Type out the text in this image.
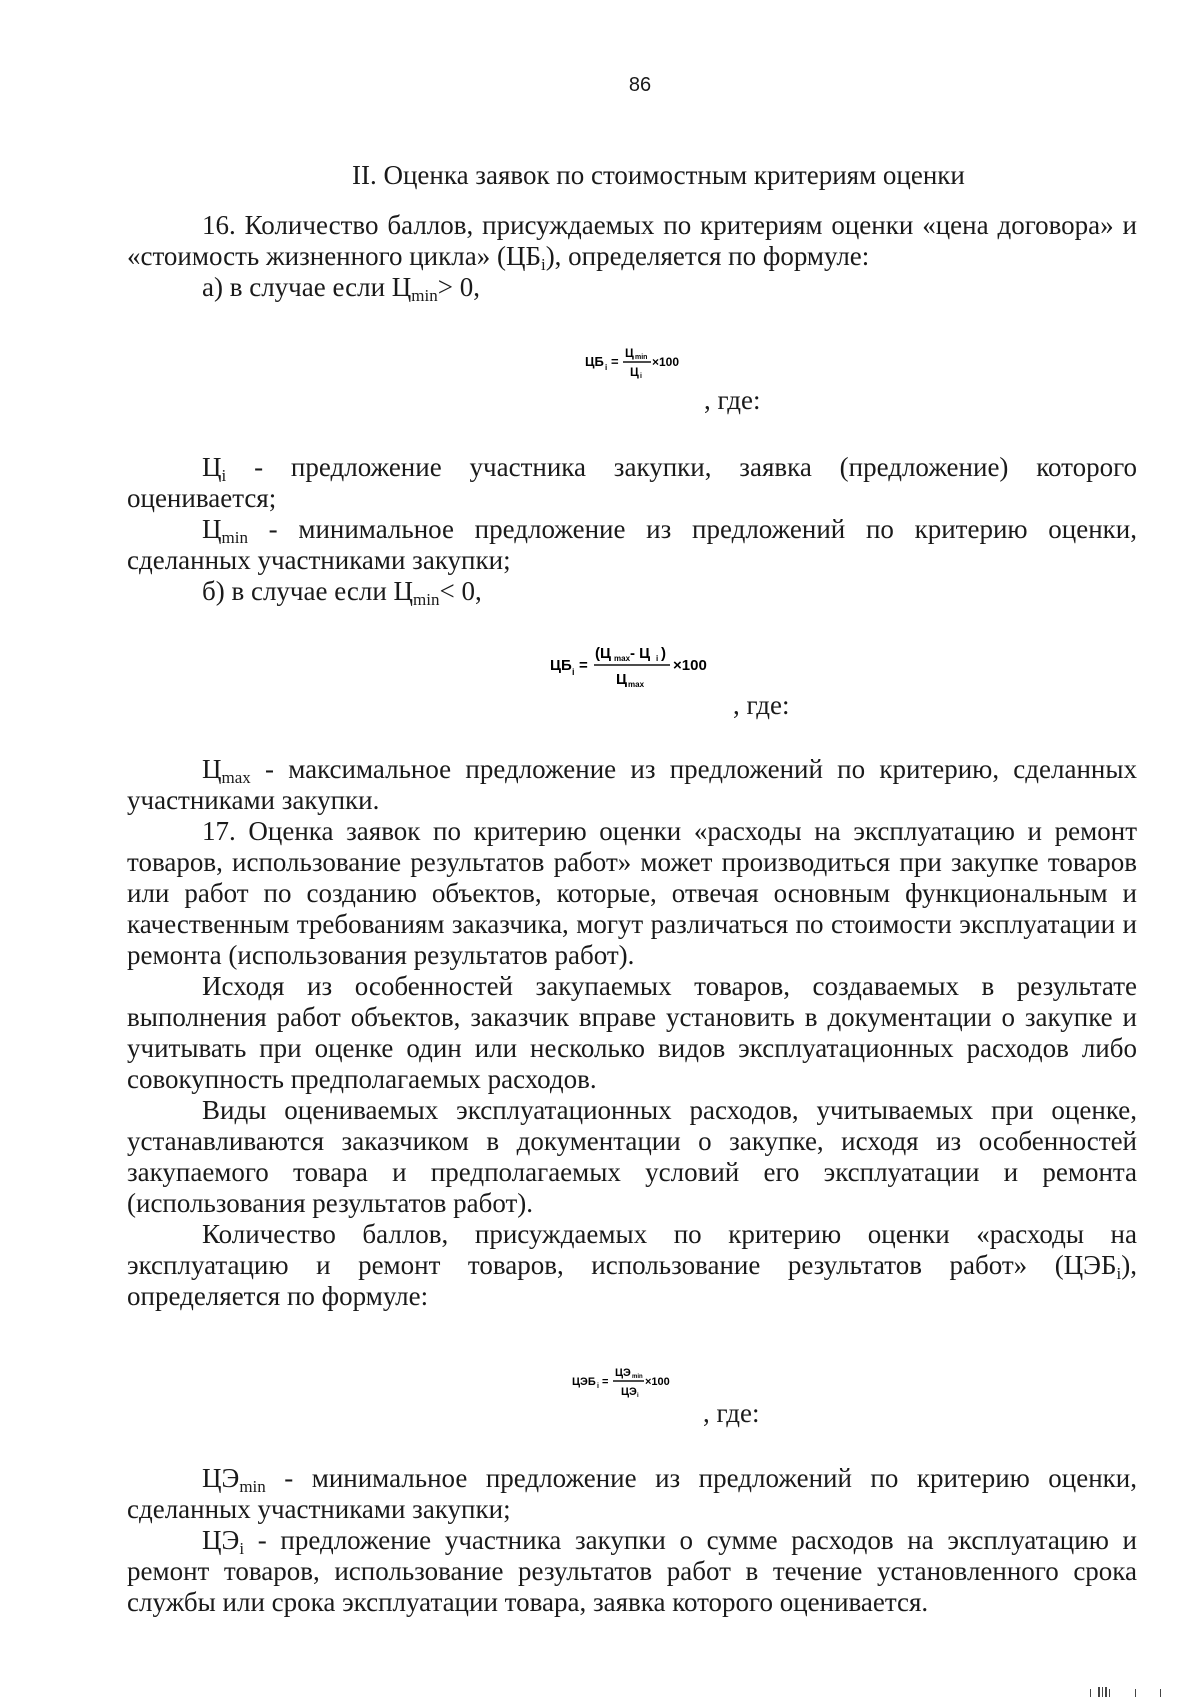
86
II. Оценка заявок по стоимостным критериям оценки

16. Количество баллов, присуждаемых по критериям оценки «цена договора» и «стоимость жизненного цикла» $(ЦБ_i)$, определяется по формуле:

а) в случае если $Ц_{min}> 0$,

ЦБ i =
Ц min
Ц i
×100
, где:

$Ц_i$ - предложение участника закупки, заявка (предложение) которого оценивается;

$Ц_{min}$ - минимальное предложение из предложений по критерию оценки, сделанных участниками закупки;

б) в случае если $Ц_{min}< 0$,

ЦБ i =
(Ц max - Ц i )
Ц max
×100
, где:

$Ц_{max}$ - максимальное предложение из предложений по критерию, сделанных участниками закупки.

17. Оценка заявок по критерию оценки «расходы на эксплуатацию и ремонт товаров, использование результатов работ» может производиться при закупке товаров или работ по созданию объектов, которые, отвечая основным функциональным и качественным требованиям заказчика, могут различаться по стоимости эксплуатации и ремонта (использования результатов работ).

Исходя из особенностей закупаемых товаров, создаваемых в результате выполнения работ объектов, заказчик вправе установить в документации о закупке и учитывать при оценке один или несколько видов эксплуатационных расходов либо совокупность предполагаемых расходов.

Виды оцениваемых эксплуатационных расходов, учитываемых при оценке, устанавливаются заказчиком в документации о закупке, исходя из особенностей закупаемого товара и предполагаемых условий его эксплуатации и ремонта (использования результатов работ).

Количество баллов, присуждаемых по критерию оценки «расходы на эксплуатацию и ремонт товаров, использование результатов работ» $(ЦЭБ_i)$, определяется по формуле:

ЦЭБ i =
ЦЭ min
ЦЭ i
×100
, где:

$ЦЭ_{min}$ - минимальное предложение из предложений по критерию оценки, сделанных участниками закупки;

$ЦЭ_i$ - предложение участника закупки о сумме расходов на эксплуатацию и ремонт товаров, использование результатов работ в течение установленного срока службы или срока эксплуатации товара, заявка которого оценивается.
